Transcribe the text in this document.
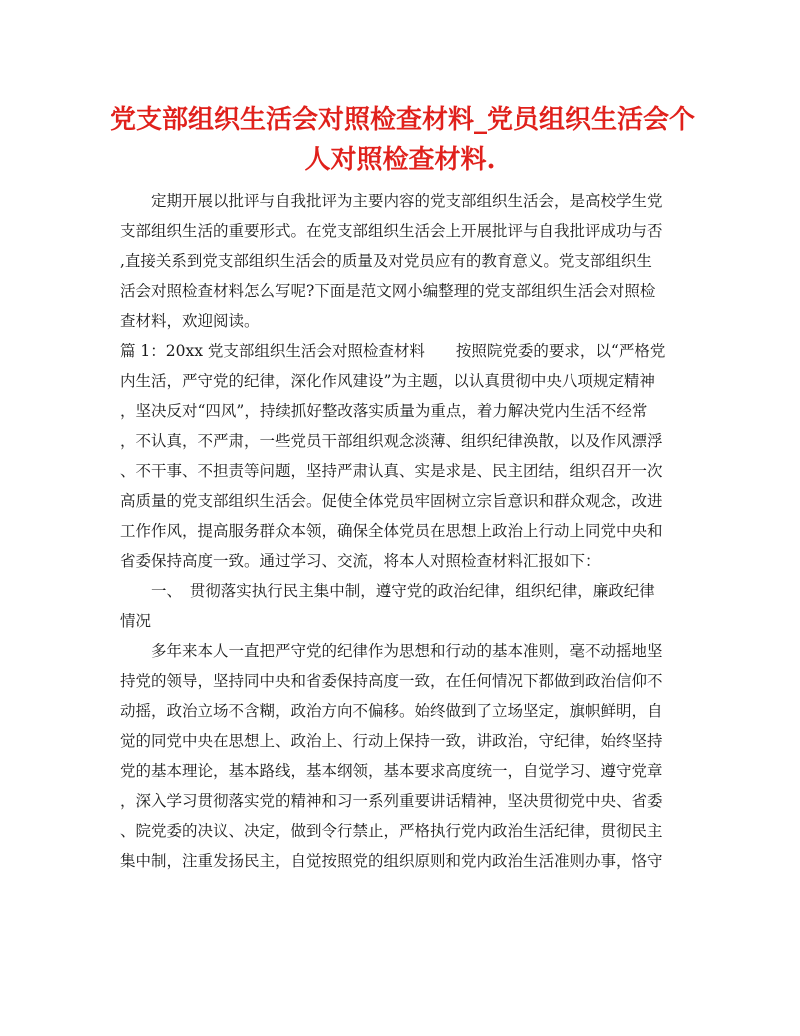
党支部组织生活会对照检查材料_党员组织生活会个
人对照检查材料.
定期开展以批评与自我批评为主要内容的党支部组织生活会，是高校学生党
支部组织生活的重要形式。在党支部组织生活会上开展批评与自我批评成功与否
,直接关系到党支部组织生活会的质量及对党员应有的教育意义。党支部组织生
活会对照检查材料怎么写呢?下面是范文网小编整理的党支部组织生活会对照检
查材料，欢迎阅读。
篇 1：20xx 党支部组织生活会对照检查材料　　按照院党委的要求，以“严格党
内生活，严守党的纪律，深化作风建设”为主题，以认真贯彻中央八项规定精神
，坚决反对“四风”，持续抓好整改落实质量为重点，着力解决党内生活不经常
，不认真，不严肃，一些党员干部组织观念淡薄、组织纪律涣散，以及作风漂浮
、不干事、不担责等问题，坚持严肃认真、实是求是、民主团结，组织召开一次
高质量的党支部组织生活会。促使全体党员牢固树立宗旨意识和群众观念，改进
工作作风，提高服务群众本领，确保全体党员在思想上政治上行动上同党中央和
省委保持高度一致。通过学习、交流，将本人对照检查材料汇报如下：
一、　贯彻落实执行民主集中制，遵守党的政治纪律，组织纪律，廉政纪律
情况
多年来本人一直把严守党的纪律作为思想和行动的基本准则，毫不动摇地坚
持党的领导，坚持同中央和省委保持高度一致，在任何情况下都做到政治信仰不
动摇，政治立场不含糊，政治方向不偏移。始终做到了立场坚定，旗帜鲜明，自
觉的同党中央在思想上、政治上、行动上保持一致，讲政治，守纪律，始终坚持
党的基本理论，基本路线，基本纲领，基本要求高度统一，自觉学习、遵守党章
，深入学习贯彻落实党的精神和习一系列重要讲话精神，坚决贯彻党中央、省委
、院党委的决议、决定，做到令行禁止，严格执行党内政治生活纪律，贯彻民主
集中制，注重发扬民主，自觉按照党的组织原则和党内政治生活准则办事，恪守
